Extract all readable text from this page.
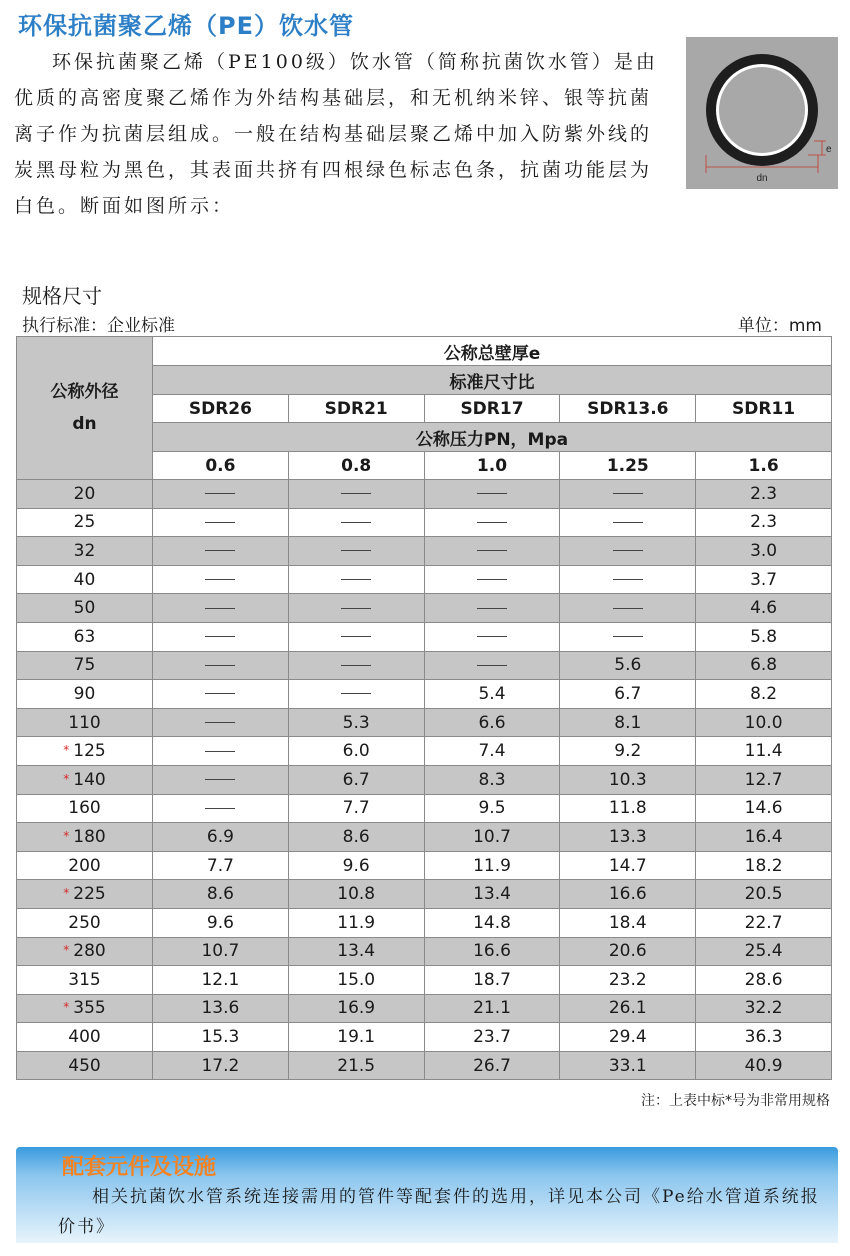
环保抗菌聚乙烯（PE）饮水管

环保抗菌聚乙烯（PE100级）饮水管（简称抗菌饮水管）是由优质的高密度聚乙烯作为外结构基础层，和无机纳米锌、银等抗菌离子作为抗菌层组成。一般在结构基础层聚乙烯中加入防紫外线的炭黑母粒为黑色，其表面共挤有四根绿色标志色条，抗菌功能层为白色。断面如图所示：

dn
e
规格尺寸
执行标准：企业标准	单位：mm
公称外径
dn	公称总壁厚e				
	标准尺寸比				
	SDR26	SDR21	SDR17	SDR13.6	SDR11
	公称压力PN，Mpa				
	0.6	0.8	1.0	1.25	1.6
20					2.3
25					2.3
32					3.0
40					3.7
50					4.6
63					5.8
75				5.6	6.8
90			5.4	6.7	8.2
110		5.3	6.6	8.1	10.0
* 125		6.0	7.4	9.2	11.4
* 140		6.7	8.3	10.3	12.7
160		7.7	9.5	11.8	14.6
* 180	6.9	8.6	10.7	13.3	16.4
200	7.7	9.6	11.9	14.7	18.2
* 225	8.6	10.8	13.4	16.6	20.5
250	9.6	11.9	14.8	18.4	22.7
* 280	10.7	13.4	16.6	20.6	25.4
315	12.1	15.0	18.7	23.2	28.6
* 355	13.6	16.9	21.1	26.1	32.2
400	15.3	19.1	23.7	29.4	36.3
450	17.2	21.5	26.7	33.1	40.9
注：上表中标*号为非常用规格
配套元件及设施

相关抗菌饮水管系统连接需用的管件等配套件的选用，详见本公司《Pe给水管道系统报价书》
